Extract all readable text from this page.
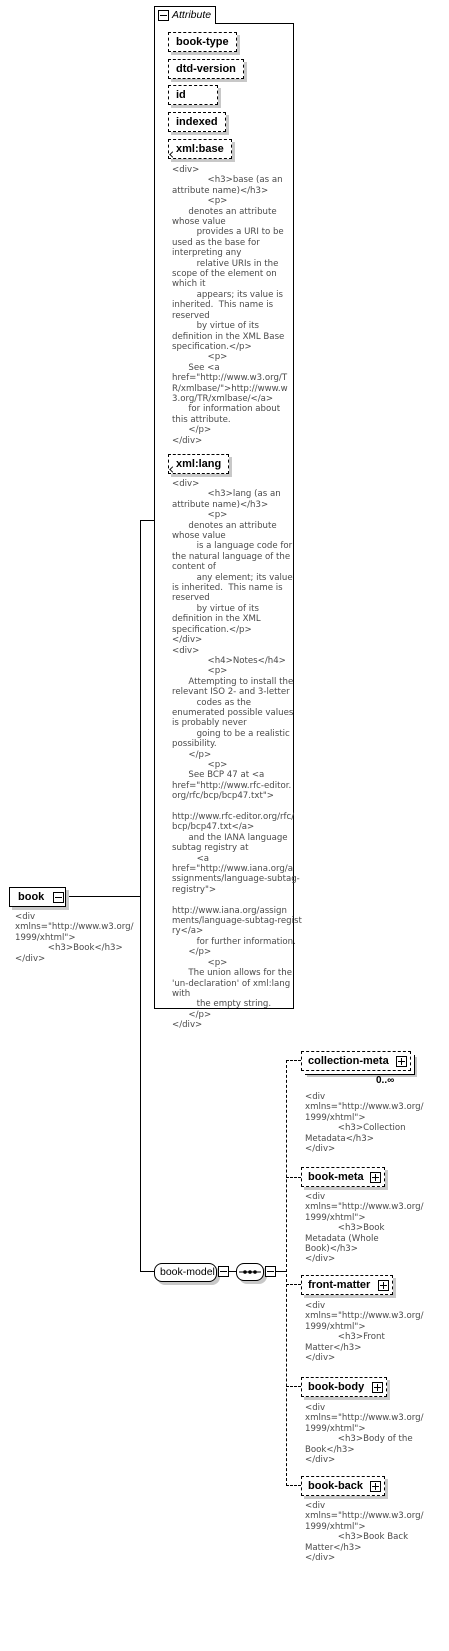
book
<div
xmlns="http://www.w3.org/
1999/xhtml">
<h3>Book</h3>
</div>
Attribute
book-type
dtd-version
id
indexed
xml:base
<div>
<h3>base (as an
attribute name)</h3>
<p>
denotes an attribute
whose value
provides a URI to be
used as the base for
interpreting any
relative URIs in the
scope of the element on
which it
appears; its value is
inherited.  This name is
reserved
by virtue of its
definition in the XML Base
specification.</p>
<p>
See <a
href="http://www.w3.org/T
R/xmlbase/">http://www.w
3.org/TR/xmlbase/</a>
for information about
this attribute.
</p>
</div>
xml:lang
<div>
<h3>lang (as an
attribute name)</h3>
<p>
denotes an attribute
whose value
is a language code for
the natural language of the
content of
any element; its value
is inherited.  This name is
reserved
by virtue of its
definition in the XML
specification.</p>
</div>
<div>
<h4>Notes</h4>
<p>
Attempting to install the
relevant ISO 2- and 3-letter
codes as the
enumerated possible values
is probably never
going to be a realistic
possibility.
</p>
<p>
See BCP 47 at <a
href="http://www.rfc-editor.
org/rfc/bcp/bcp47.txt">

http://www.rfc-editor.org/rfc/
bcp/bcp47.txt</a>
and the IANA language
subtag registry at
<a
href="http://www.iana.org/a
ssignments/language-subtag-
registry">

http://www.iana.org/assign
ments/language-subtag-regist
ry</a>
for further information.
</p>
<p>
The union allows for the
'un-declaration' of xml:lang
with
the empty string.
</p>
</div>
book-model
collection-meta
0..∞
<div
xmlns="http://www.w3.org/
1999/xhtml">
<h3>Collection
Metadata</h3>
</div>
book-meta
<div
xmlns="http://www.w3.org/
1999/xhtml">
<h3>Book
Metadata (Whole
Book)</h3>
</div>
front-matter
<div
xmlns="http://www.w3.org/
1999/xhtml">
<h3>Front
Matter</h3>
</div>
book-body
<div
xmlns="http://www.w3.org/
1999/xhtml">
<h3>Body of the
Book</h3>
</div>
book-back
<div
xmlns="http://www.w3.org/
1999/xhtml">
<h3>Book Back
Matter</h3>
</div>
